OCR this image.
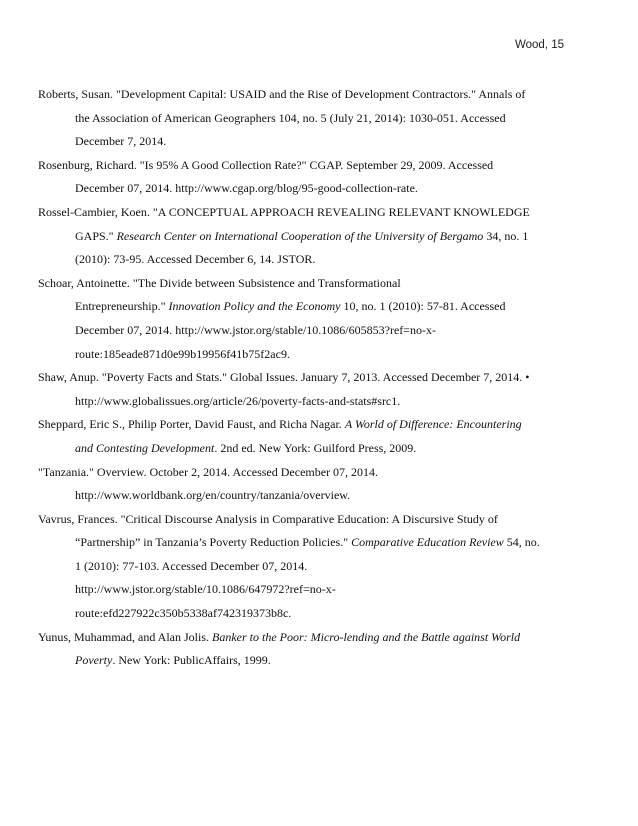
Wood, 15
Roberts, Susan. "Development Capital: USAID and the Rise of Development Contractors." Annals of
the Association of American Geographers 104, no. 5 (July 21, 2014): 1030-051. Accessed
December 7, 2014.
Rosenburg, Richard. "Is 95% A Good Collection Rate?" CGAP. September 29, 2009. Accessed
December 07, 2014. http://www.cgap.org/blog/95-good-collection-rate.
Rossel-Cambier, Koen. "A CONCEPTUAL APPROACH REVEALING RELEVANT KNOWLEDGE
GAPS." Research Center on International Cooperation of the University of Bergamo 34, no. 1
(2010): 73-95. Accessed December 6, 14. JSTOR.
Schoar, Antoinette. "The Divide between Subsistence and Transformational
Entrepreneurship." Innovation Policy and the Economy 10, no. 1 (2010): 57-81. Accessed
December 07, 2014. http://www.jstor.org/stable/10.1086/605853?ref=no-x-
route:185eade871d0e99b19956f41b75f2ac9.
Shaw, Anup. "Poverty Facts and Stats." Global Issues. January 7, 2013. Accessed December 7, 2014. •
http://www.globalissues.org/article/26/poverty-facts-and-stats#src1.
Sheppard, Eric S., Philip Porter, David Faust, and Richa Nagar. A World of Difference: Encountering
and Contesting Development. 2nd ed. New York: Guilford Press, 2009.
"Tanzania." Overview. October 2, 2014. Accessed December 07, 2014.
http://www.worldbank.org/en/country/tanzania/overview.
Vavrus, Frances. "Critical Discourse Analysis in Comparative Education: A Discursive Study of
“Partnership” in Tanzania’s Poverty Reduction Policies." Comparative Education Review 54, no.
1 (2010): 77-103. Accessed December 07, 2014.
http://www.jstor.org/stable/10.1086/647972?ref=no-x-
route:efd227922c350b5338af742319373b8c.
Yunus, Muhammad, and Alan Jolis. Banker to the Poor: Micro-lending and the Battle against World
Poverty. New York: PublicAffairs, 1999.
